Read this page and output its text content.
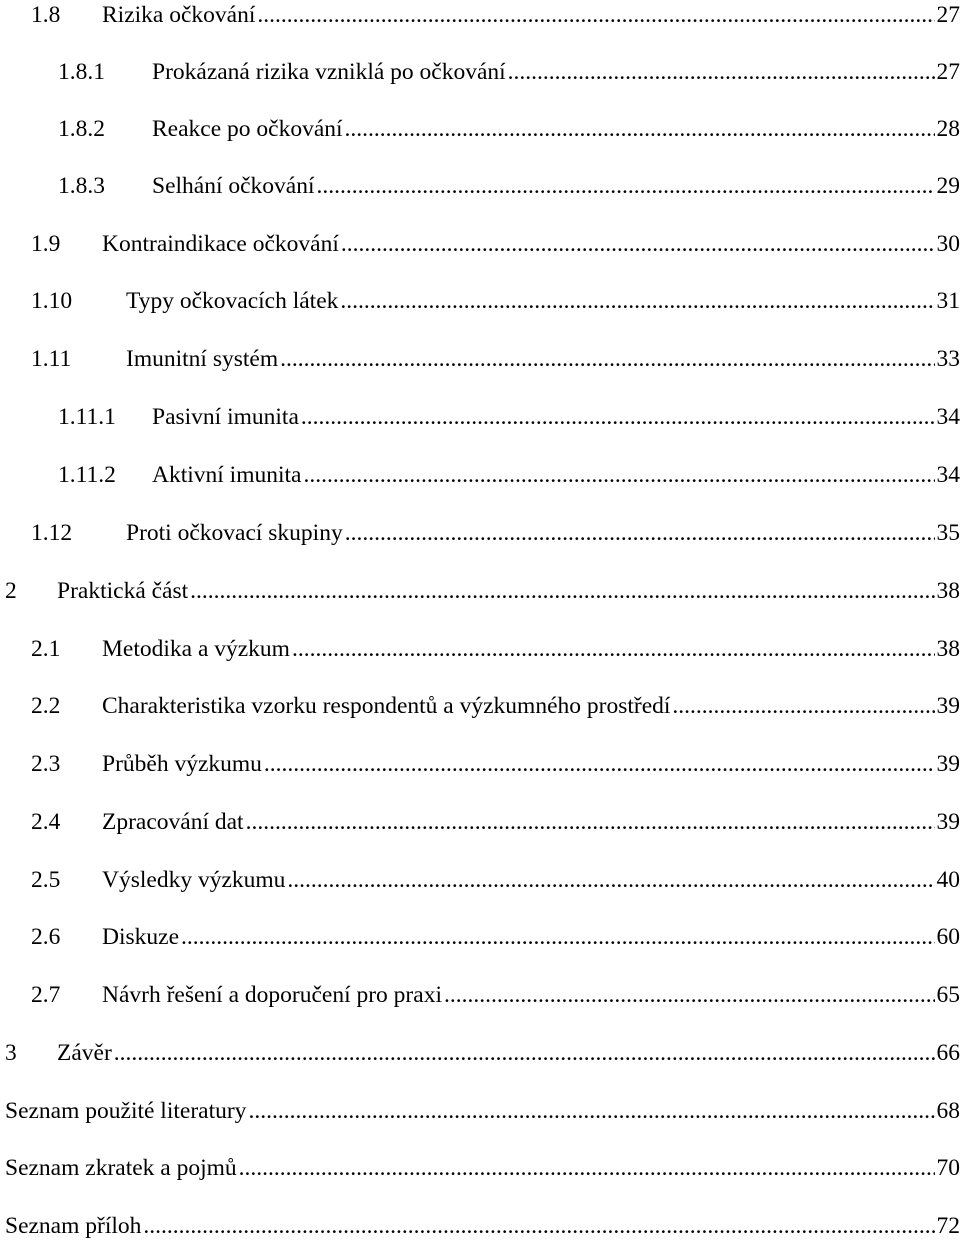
1.8 Rizika očkování .....	27
1.8.1 Prokázaná rizika vzniklá po očkování .....	27
1.8.2 Reakce po očkování .....	28
1.8.3 Selhání očkování .....	29
1.9 Kontraindikace očkování .....	30
1.10 Typy očkovacích látek .....	31
1.11 Imunitní systém .....	33
1.11.1 Pasivní imunita .....	34
1.11.2 Aktivní imunita .....	34
1.12 Proti očkovací skupiny .....	35
2 Praktická část .....	38
2.1 Metodika a výzkum .....	38
2.2 Charakteristika vzorku respondentů a výzkumného prostředí .....	39
2.3 Průběh výzkumu .....	39
2.4 Zpracování dat .....	39
2.5 Výsledky výzkumu .....	40
2.6 Diskuze .....	60
2.7 Návrh řešení a doporučení pro praxi .....	65
3 Závěr .....	66
Seznam použité literatury .....	68
Seznam zkratek a pojmů .....	70
Seznam příloh .....	72
